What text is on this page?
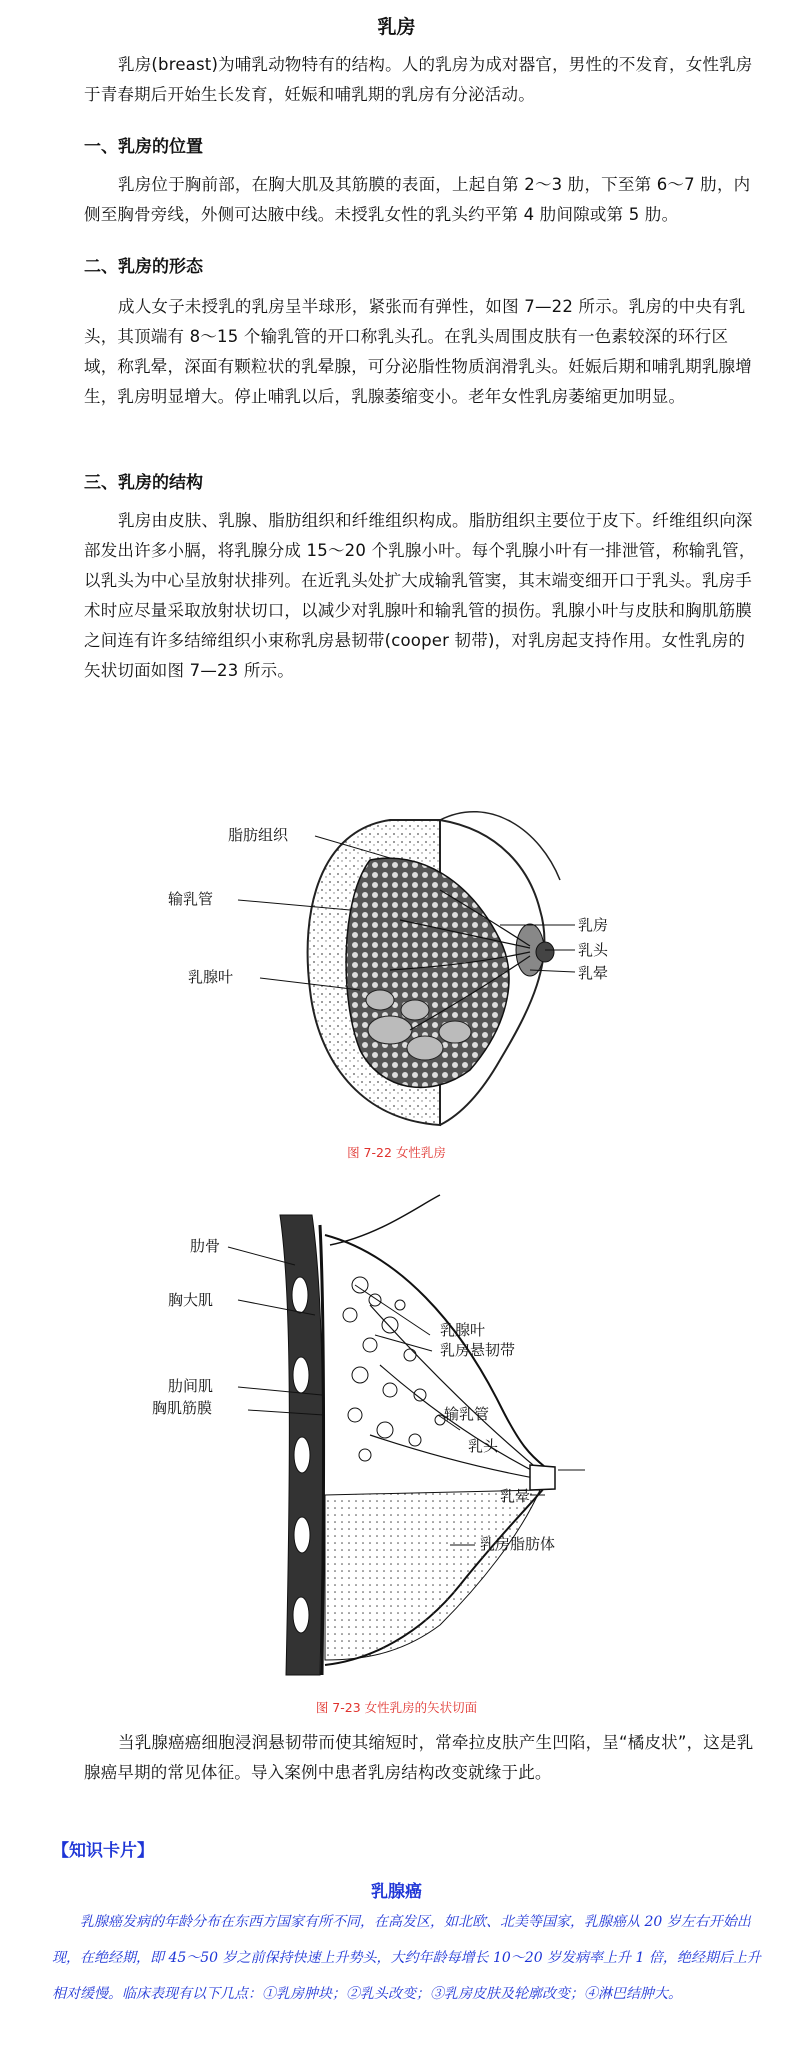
乳房

乳房(breast)为哺乳动物特有的结构。人的乳房为成对器官，男性的不发育，女性乳房于青春期后开始生长发育，妊娠和哺乳期的乳房有分泌活动。

一、乳房的位置

乳房位于胸前部，在胸大肌及其筋膜的表面，上起自第 2～3 肋，下至第 6～7 肋，内侧至胸骨旁线，外侧可达腋中线。未授乳女性的乳头约平第 4 肋间隙或第 5 肋。

二、乳房的形态

成人女子未授乳的乳房呈半球形，紧张而有弹性，如图 7—22 所示。乳房的中央有乳头，其顶端有 8～15 个输乳管的开口称乳头孔。在乳头周围皮肤有一色素较深的环行区域，称乳晕，深面有颗粒状的乳晕腺，可分泌脂性物质润滑乳头。妊娠后期和哺乳期乳腺增生，乳房明显增大。停止哺乳以后，乳腺萎缩变小。老年女性乳房萎缩更加明显。

三、乳房的结构

乳房由皮肤、乳腺、脂肪组织和纤维组织构成。脂肪组织主要位于皮下。纤维组织向深部发出许多小膈，将乳腺分成 15～20 个乳腺小叶。每个乳腺小叶有一排泄管，称输乳管，以乳头为中心呈放射状排列。在近乳头处扩大成输乳管窦，其末端变细开口于乳头。乳房手术时应尽量采取放射状切口，以减少对乳腺叶和输乳管的损伤。乳腺小叶与皮肤和胸肌筋膜之间连有许多结缔组织小束称乳房悬韧带(cooper 韧带)，对乳房起支持作用。女性乳房的矢状切面如图 7—23 所示。

脂肪组织
输乳管
乳腺叶
乳房
乳头
乳晕
图 7-22 女性乳房
肋骨
胸大肌
肋间肌
胸肌筋膜
乳腺叶
乳房悬韧带
输乳管
乳头
乳晕
乳房脂肪体
图 7-23 女性乳房的矢状切面

当乳腺癌癌细胞浸润悬韧带而使其缩短时，常牵拉皮肤产生凹陷，呈“橘皮状”，这是乳腺癌早期的常见体征。导入案例中患者乳房结构改变就缘于此。

【知识卡片】
乳腺癌

乳腺癌发病的年龄分布在东西方国家有所不同，在高发区，如北欧、北美等国家，乳腺癌从 20 岁左右开始出现，在绝经期，即 45～50 岁之前保持快速上升势头，大约年龄每增长 10～20 岁发病率上升 1 倍，绝经期后上升相对缓慢。临床表现有以下几点：①乳房肿块；②乳头改变；③乳房皮肤及轮廓改变；④淋巴结肿大。
